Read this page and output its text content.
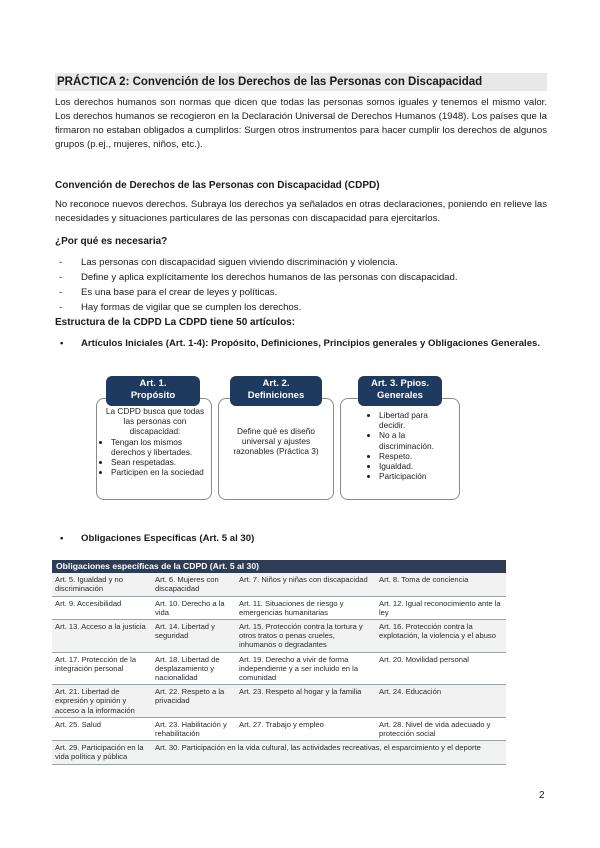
PRÁCTICA 2: Convención de los Derechos de las Personas con Discapacidad
Los derechos humanos son normas que dicen que todas las personas somos iguales y tenemos el mismo valor. Los derechos humanos se recogieron en la Declaración Universal de Derechos Humanos (1948). Los países que la firmaron no estaban obligados a cumplirlos: Surgen otros instrumentos para hacer cumplir los derechos de algunos grupos (p.ej., mujeres, niños, etc.).
Convención de Derechos de las Personas con Discapacidad (CDPD)
No reconoce nuevos derechos. Subraya los derechos ya señalados en otras declaraciones, poniendo en relieve las necesidades y situaciones particulares de las personas con discapacidad para ejercitarlos.
¿Por qué es necesaria?
- Las personas con discapacidad siguen viviendo discriminación y violencia.
- Define y aplica explícitamente los derechos humanos de las personas con discapacidad.
- Es una base para el crear de leyes y políticas.
- Hay formas de vigilar que se cumplen los derechos.
Estructura de la CDPD La CDPD tiene 50 artículos:
•	Artículos Iniciales (Art. 1-4): Propósito, Definiciones, Principios generales y Obligaciones Generales.
•	Obligaciones Específicas (Art. 5 al 30)
Art. 1.
Propósito
La CDPD busca que todas las personas con discapacidad:
• Tengan los mismos derechos y libertades.
• Sean respetadas.
• Participen en la sociedad
Art. 2.
Definiciones
Define qué es diseño universal y ajustes razonables (Práctica 3)
Art. 3. Ppios.
Generales
• Libertad para decidir.
• No a la discriminación.
• Respeto.
• Igualdad.
• Participación
Obligaciones específicas de la CDPD (Art. 5 al 30)			
Art. 5. Igualdad y no discriminación	Art. 6. Mujeres con discapacidad	Art. 7. Niños y niñas con discapacidad	Art. 8. Toma de conciencia
Art. 9. Accesibilidad	Art. 10. Derecho a la vida	Art. 11. Situaciones de riesgo y emergencias humanitarias	Art. 12. Igual reconocimiento ante la ley
Art. 13. Acceso a la justicia	Art. 14. Libertad y seguridad	Art. 15. Protección contra la tortura y otros tratos o penas crueles, inhumanos o degradantes	Art. 16. Protección contra la explotación, la violencia y el abuso
Art. 17. Protección de la integración personal	Art. 18. Libertad de desplazamiento y nacionalidad	Art. 19. Derecho a vivir de forma independiente y a ser incluido en la comunidad	Art. 20. Movilidad personal
Art. 21. Libertad de expresión y opinión y acceso a la información	Art. 22. Respeto a la privacidad	Art. 23. Respeto al hogar y la familia	Art. 24. Educación
Art. 25. Salud	Art. 23. Habilitación y rehabilitación	Art. 27. Trabajo y empleo	Art. 28. Nivel de vida adecuado y protección social
Art. 29. Participación en la vida política y pública	Art. 30. Participación en la vida cultural, las actividades recreativas, el esparcimiento y el deporte		
2
